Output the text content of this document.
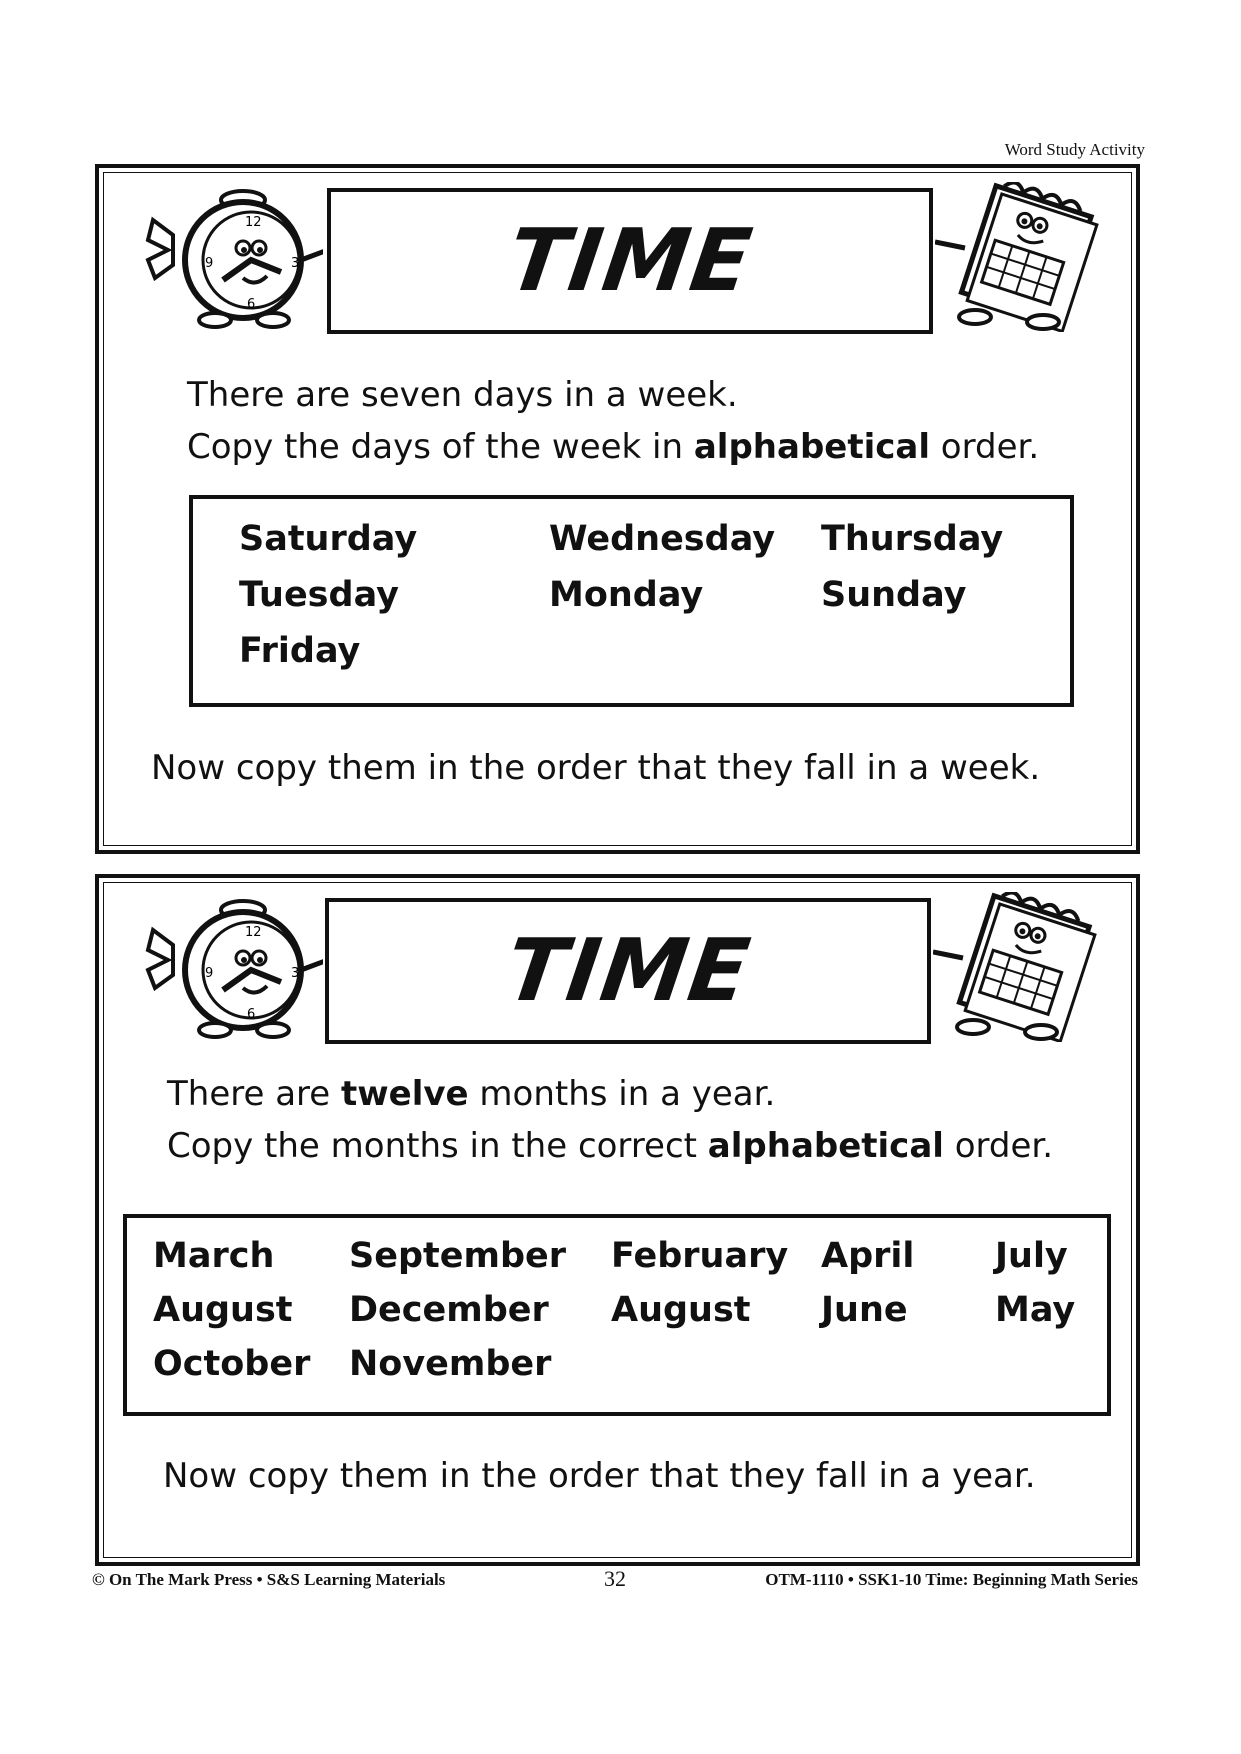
Word Study Activity
12
3
6
9	TIME
There are seven days in a week.
Copy the days of the week in alphabetical order.
Saturday	Wednesday Thursday
Tuesday	Monday	Sunday
Friday
Now copy them in the order that they fall in a week.
12
3
6
9	TIME
There are twelve months in a year.
Copy the months in the correct alphabetical order.
March September February April July
August December August June May
October November
Now copy them in the order that they fall in a year.
© On The Mark Press • S&S Learning Materials	32	OTM-1110 • SSK1-10 Time: Beginning Math Series
